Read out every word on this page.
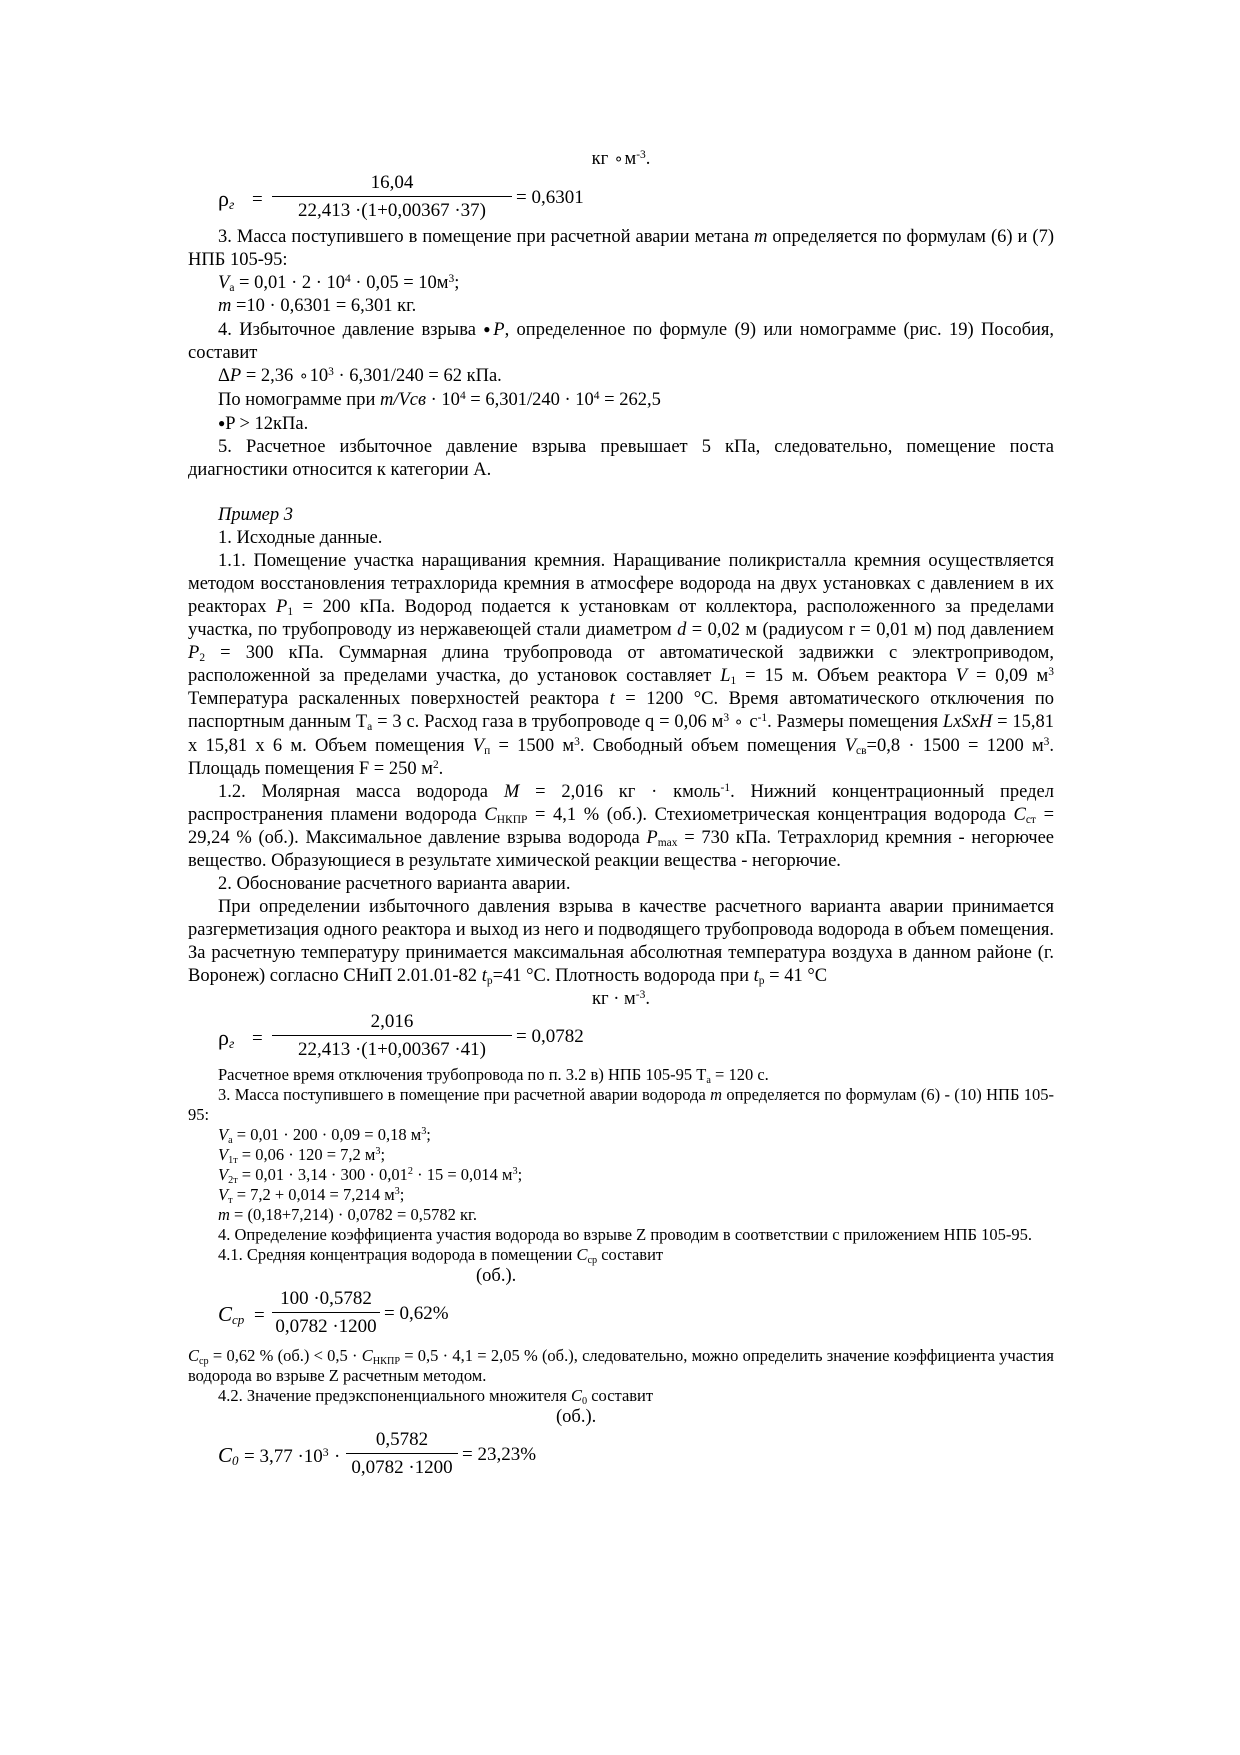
кг $⚬м^{-3}$.
$\rho_г$ =
16,04
22,413 ·(1+0,00367 ·37)
= 0,6301

3. Масса поступившего в помещение при расчетной аварии метана m определяется по формулам (6) и (7) НПБ 105-95:

$V_а = 0,01 \cdot 2 \cdot 10^4 \cdot 0,05 = 10м^3$;

m =10 · 0,6301 = 6,301 кг.

4. Избыточное давление взрыва ●P, определенное по формуле (9) или номограмме (рис. 19) Пособия, составит

ΔP = 2,36 $⚬10^3 \cdot 6,301/240 = 62$ кПа.

По номограмме при $m/Vсв \cdot 10^4 = 6,301/240 \cdot 10^4 = 262,5$

●P > 12кПа.

5. Расчетное избыточное давление взрыва превышает 5 кПа, следовательно, помещение поста диагностики относится к категории А.

Пример 3

1. Исходные данные.

1.1. Помещение участка наращивания кремния. Наращивание поликристалла кремния осуществляется методом восстановления тетрахлорида кремния в атмосфере водорода на двух установках с давлением в их реакторах $P_1 = 200$ кПа. Водород подается к установкам от коллектора, расположенного за пределами участка, по трубопроводу из нержавеющей стали диаметром d = 0,02 м (радиусом r = 0,01 м) под давлением $P_2 = 300$ кПа. Суммарная длина трубопровода от автоматической задвижки с электроприводом, расположенной за пределами участка, до установок составляет $L_1 = 15$ м. Объем реактора V = 0,09 $м^3$ Температура раскаленных поверхностей реактора t = 1200 °С. Время автоматического отключения по паспортным данным $Т_а = 3$ с. Расход газа в трубопроводе q = 0,06 $м^3$ ⚬ $с^{-1}$. Размеры помещения LxSxH = 15,81 х 15,81 х 6 м. Объем помещения $V_п = 1500$ $м^3$. Свободный объем помещения $V_{св}=0,8 \cdot 1500 = 1200$ $м^3$. Площадь помещения F = 250 $м^2$.

1.2. Молярная масса водорода M = 2,016 кг · кмоль$^{-1}$. Нижний концентрационный предел распространения пламени водорода $C_{НКПР} = 4,1$ % (об.). Стехиометрическая концентрация водорода $C_{ст} = 29,24$ % (об.). Максимальное давление взрыва водорода $P_{max} = 730$ кПа. Тетрахлорид кремния - негорючее вещество. Образующиеся в результате химической реакции вещества - негорючие.

2. Обоснование расчетного варианта аварии.

При определении избыточного давления взрыва в качестве расчетного варианта аварии принимается разгерметизация одного реактора и выход из него и подводящего трубопровода водорода в объем помещения. За расчетную температуру принимается максимальная абсолютная температура воздуха в данном районе (г. Воронеж) согласно СНиП 2.01.01-82 $t_р=41$ °С. Плотность водорода при $t_р = 41$ °С

кг · $м^{-3}$.
$\rho_г$ =
2,016
22,413 ·(1+0,00367 ·41)
= 0,0782

Расчетное время отключения трубопровода по п. 3.2 в) НПБ 105-95 $Т_а = 120$ с.

3. Масса поступившего в помещение при расчетной аварии водорода m определяется по формулам (6) - (10) НПБ 105-95:

$V_а = 0,01 \cdot 200 \cdot 0,09 = 0,18$ $м^3$;

$V_{1т} = 0,06 \cdot 120 = 7,2$ $м^3$;

$V_{2т} = 0,01 \cdot 3,14 \cdot 300 \cdot 0,01^2 \cdot 15 = 0,014$ $м^3$;

$V_т = 7,2 + 0,014 = 7,214$ $м^3$;

m = (0,18+7,214) · 0,0782 = 0,5782 кг.

4. Определение коэффициента участия водорода во взрыве Z проводим в соответствии с приложением НПБ 105-95.

4.1. Средняя концентрация водорода в помещении $C_{ср}$ составит

(об.).
$C_{ср}$ =
100 ·0,5782
0,0782 ·1200
= 0,62%

$C_{ср} = 0,62$ % $(об.) < 0,5 \cdot C_{НКПР} = 0,5 \cdot 4,1 = 2,05$ % (об.), следовательно, можно определить значение коэффициента участия водорода во взрыве Z расчетным методом.

4.2. Значение предэкспоненциального множителя $C_0$ составит

(об.).
$C_0 = 3,77 \cdot 10^3$ ·
0,5782
0,0782 ·1200
= 23,23%
